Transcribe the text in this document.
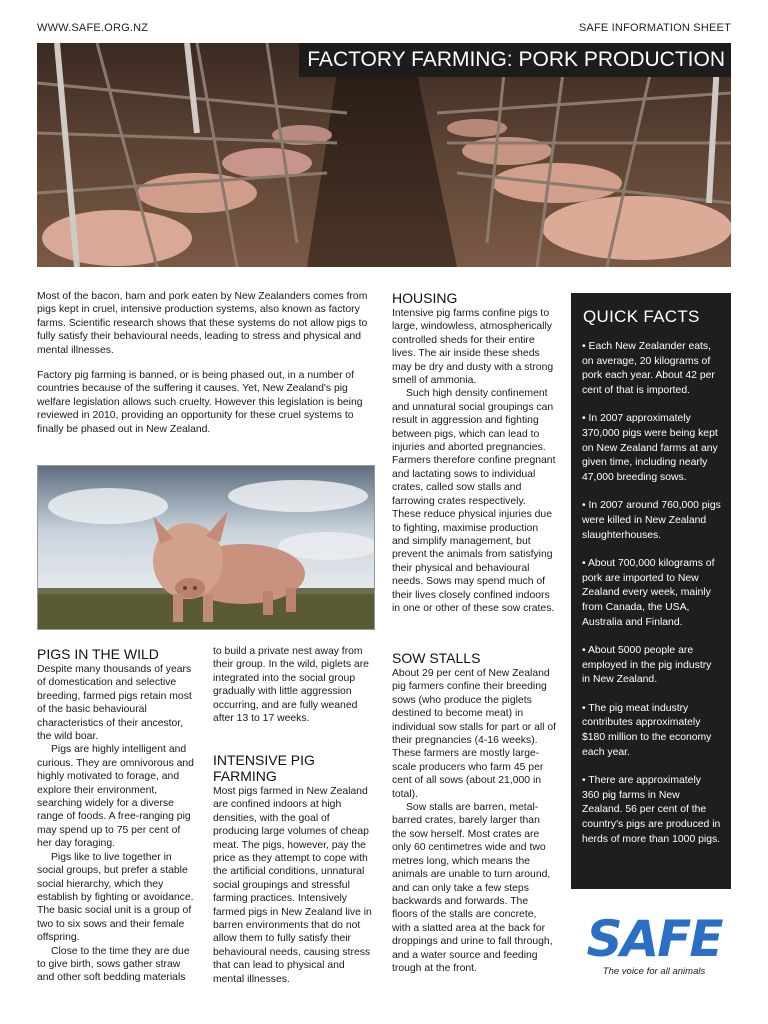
WWW.SAFE.ORG.NZ	SAFE INFORMATION SHEET
FACTORY FARMING: PORK PRODUCTION

Most of the bacon, ham and pork eaten by New Zealanders comes from pigs kept in cruel, intensive production systems, also known as factory farms. Scientific research shows that these systems do not allow pigs to fully satisfy their behavioural needs, leading to stress and physical and mental illnesses.

Factory pig farming is banned, or is being phased out, in a number of countries because of the suffering it causes. Yet, New Zealand's pig welfare legislation allows such cruelty. However this legislation is being reviewed in 2010, providing an opportunity for these cruel systems to finally be phased out in New Zealand.

PIGS IN THE WILD

Despite many thousands of years of domestication and selective breeding, farmed pigs retain most of the basic behavioural characteristics of their ancestor, the wild boar.

Pigs are highly intelligent and curious. They are omnivorous and highly motivated to forage, and explore their environment, searching widely for a diverse range of foods. A free-ranging pig may spend up to 75 per cent of her day foraging.

Pigs like to live together in social groups, but prefer a stable social hierarchy, which they establish by fighting or avoidance. The basic social unit is a group of two to six sows and their female offspring.

Close to the time they are due to give birth, sows gather straw and other soft bedding materials

to build a private nest away from their group. In the wild, piglets are integrated into the social group gradually with little aggression occurring, and are fully weaned after 13 to 17 weeks.

INTENSIVE PIG FARMING

Most pigs farmed in New Zealand are confined indoors at high densities, with the goal of producing large volumes of cheap meat. The pigs, however, pay the price as they attempt to cope with the artificial conditions, unnatural social groupings and stressful farming practices. Intensively farmed pigs in New Zealand live in barren environments that do not allow them to fully satisfy their behavioural needs, causing stress that can lead to physical and mental illnesses.

HOUSING

Intensive pig farms confine pigs to large, windowless, atmospherically controlled sheds for their entire lives. The air inside these sheds may be dry and dusty with a strong smell of ammonia.

Such high density confinement and unnatural social groupings can result in aggression and fighting between pigs, which can lead to injuries and aborted pregnancies. Farmers therefore confine pregnant and lactating sows to individual crates, called sow stalls and farrowing crates respectively. These reduce physical injuries due to fighting, maximise production and simplify management, but prevent the animals from satisfying their physical and behavioural needs. Sows may spend much of their lives closely confined indoors in one or other of these sow crates.

SOW STALLS

About 29 per cent of New Zealand pig farmers confine their breeding sows (who produce the piglets destined to become meat) in individual sow stalls for part or all of their pregnancies (4-16 weeks). These farmers are mostly large-scale producers who farm 45 per cent of all sows (about 21,000 in total).

Sow stalls are barren, metal-barred crates, barely larger than the sow herself. Most crates are only 60 centimetres wide and two metres long, which means the animals are unable to turn around, and can only take a few steps backwards and forwards. The floors of the stalls are concrete, with a slatted area at the back for droppings and urine to fall through, and a water source and feeding trough at the front.

QUICK FACTS
• Each New Zealander eats, on average, 20 kilograms of pork each year. About 42 per cent of that is imported.
• In 2007 approximately 370,000 pigs were being kept on New Zealand farms at any given time, including nearly 47,000 breeding sows.
• In 2007 around 760,000 pigs were killed in New Zealand slaughterhouses.
• About 700,000 kilograms of pork are imported to New Zealand every week, mainly from Canada, the USA, Australia and Finland.
• About 5000 people are employed in the pig industry in New Zealand.
• The pig meat industry contributes approximately $180 million to the economy each year.
• There are approximately 360 pig farms in New Zealand. 56 per cent of the country's pigs are produced in herds of more than 1000 pigs.
SAFE
The voice for all animals
